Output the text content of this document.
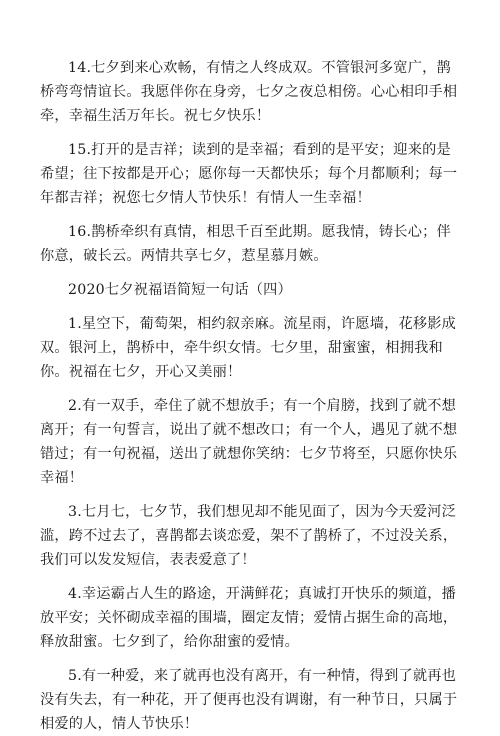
14.七夕到来心欢畅，有情之人终成双。不管银河多宽广，鹊桥弯弯情谊长。我愿伴你在身旁，七夕之夜总相傍。心心相印手相牵，幸福生活万年长。祝七夕快乐！

15.打开的是吉祥；读到的是幸福；看到的是平安；迎来的是希望；往下按都是开心；愿你每一天都快乐；每个月都顺利；每一年都吉祥；祝您七夕情人节快乐！有情人一生幸福！

16.鹊桥牵织有真情，相思千百至此期。愿我情，铸长心；伴你意，破长云。两情共享七夕，惹星慕月嫉。

2020七夕祝福语简短一句话（四）

1.星空下，葡萄架，相约叙亲麻。流星雨，许愿墙，花移影成双。银河上，鹊桥中，牵牛织女情。七夕里，甜蜜蜜，相拥我和你。祝福在七夕，开心又美丽！

2.有一双手，牵住了就不想放手；有一个肩膀，找到了就不想离开；有一句誓言，说出了就不想改口；有一个人，遇见了就不想错过；有一句祝福，送出了就想你笑纳：七夕节将至，只愿你快乐幸福！

3.七月七，七夕节，我们想见却不能见面了，因为今天爱河泛滥，跨不过去了，喜鹊都去谈恋爱，架不了鹊桥了，不过没关系，我们可以发发短信，表表爱意了！

4.幸运霸占人生的路途，开满鲜花；真诚打开快乐的频道，播放平安；关怀砌成幸福的围墙，圈定友情；爱情占据生命的高地，释放甜蜜。七夕到了，给你甜蜜的爱情。

5.有一种爱，来了就再也没有离开，有一种情，得到了就再也没有失去，有一种花，开了便再也没有调谢，有一种节日，只属于相爱的人，情人节快乐！
